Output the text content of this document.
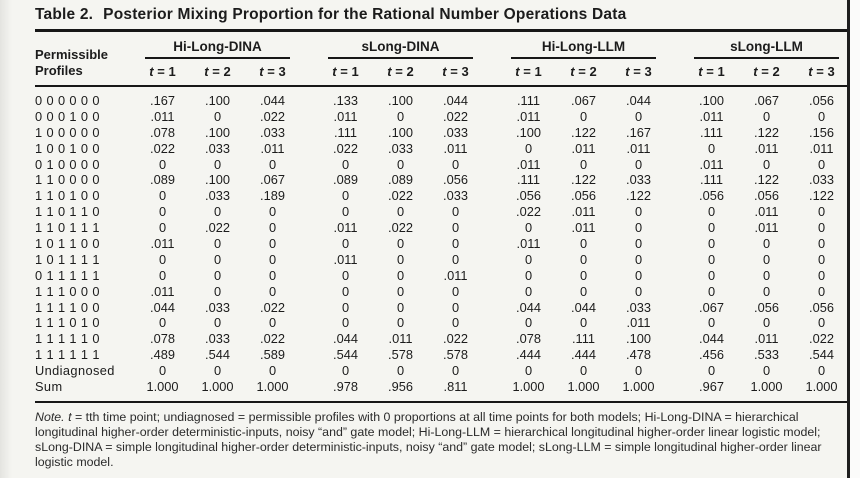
Table 2. Posterior Mixing Proportion for the Rational Number Operations Data
Hi-Long-DINA	sLong-DINA	Hi-Long-LLM	sLong-LLM
t = 1	t = 2	t = 3	t = 1	t = 2	t = 3	t = 1	t = 2	t = 3	t = 1	t = 2	t = 3
Permissible
Profiles
0 0 0 0 0 0	.167	.100	.044	.133	.100	.044	.111	.067	.044	.100	.067	.056
0 0 0 1 0 0	.011	0	.022	.011	0	.022	.011	0	0	.011	0	0
1 0 0 0 0 0	.078	.100	.033	.111	.100	.033	.100	.122	.167	.111	.122	.156
1 0 0 1 0 0	.022	.033	.011	.022	.033	.011	0	.011	.011	0	.011	.011
0 1 0 0 0 0	0	0	0	0	0	0	.011	0	0	.011	0	0
1 1 0 0 0 0	.089	.100	.067	.089	.089	.056	.111	.122	.033	.111	.122	.033
1 1 0 1 0 0	0	.033	.189	0	.022	.033	.056	.056	.122	.056	.056	.122
1 1 0 1 1 0	0	0	0	0	0	0	.022	.011	0	0	.011	0
1 1 0 1 1 1	0	.022	0	.011	.022	0	0	.011	0	0	.011	0
1 0 1 1 0 0	.011	0	0	0	0	0	.011	0	0	0	0	0
1 0 1 1 1 1	0	0	0	.011	0	0	0	0	0	0	0	0
0 1 1 1 1 1	0	0	0	0	0	.011	0	0	0	0	0	0
1 1 1 0 0 0	.011	0	0	0	0	0	0	0	0	0	0	0
1 1 1 1 0 0	.044	.033	.022	0	0	0	.044	.044	.033	.067	.056	.056
1 1 1 0 1 0	0	0	0	0	0	0	0	0	.011	0	0	0
1 1 1 1 1 0	.078	.033	.022	.044	.011	.022	.078	.111	.100	.044	.011	.022
1 1 1 1 1 1	.489	.544	.589	.544	.578	.578	.444	.444	.478	.456	.533	.544
Undiagnosed	0	0	0	0	0	0	0	0	0	0	0	0
Sum	1.000	1.000	1.000	.978	.956	.811	1.000	1.000	1.000	.967	1.000	1.000
Note. t = tth time point; undiagnosed = permissible profiles with 0 proportions at all time points for both models; Hi-Long-DINA = hierarchical longitudinal higher-order deterministic-inputs, noisy “and” gate model; Hi-Long-LLM = hierarchical longitudinal higher-order linear logistic model; sLong-DINA = simple longitudinal higher-order deterministic-inputs, noisy “and” gate model; sLong-LLM = simple longitudinal higher-order linear logistic model.
